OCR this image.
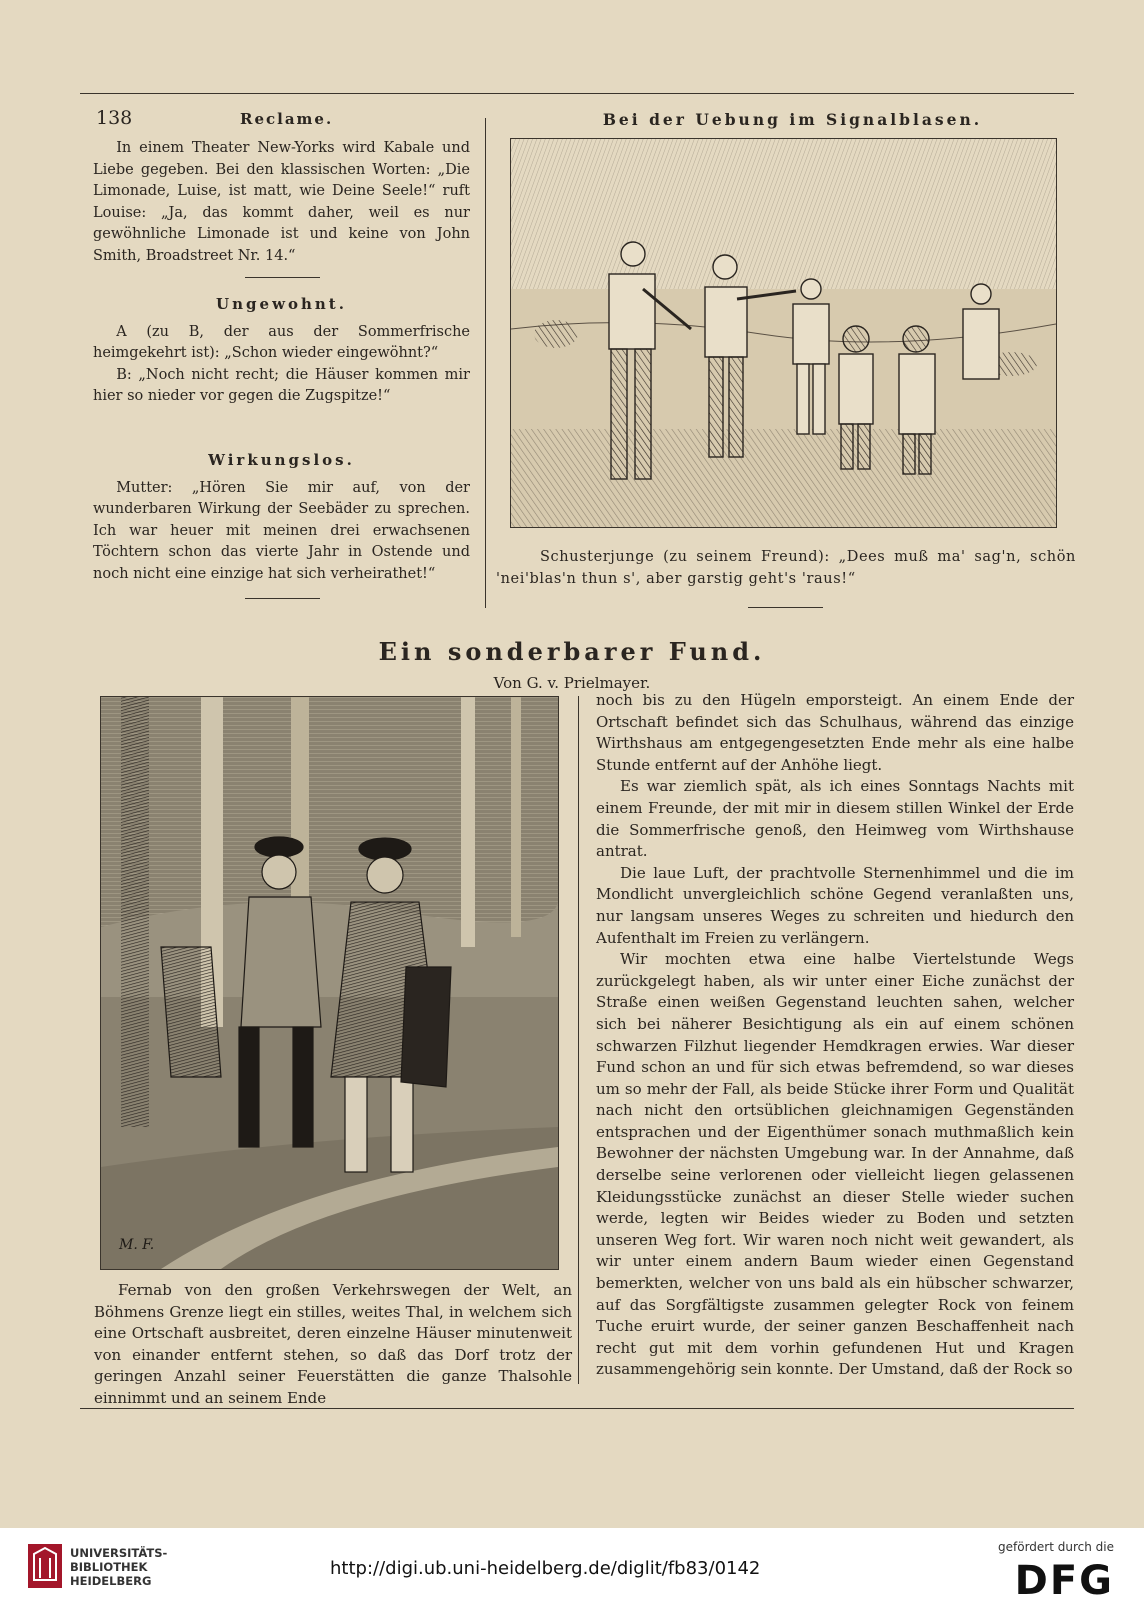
138	Reclame.	Bei der Uebung im Signalblasen.

In einem Theater New-Yorks wird Kabale und Liebe gegeben. Bei den klassischen Worten: „Die Limonade, Luise, ist matt, wie Deine Seele!“ ruft Louise: „Ja, das kommt daher, weil es nur gewöhnliche Limonade ist und keine von John Smith, Broadstreet Nr. 14.“

Ungewohnt.

A (zu B, der aus der Sommerfrische heimgekehrt ist): „Schon wieder eingewöhnt?“

B: „Noch nicht recht; die Häuser kommen mir hier so nieder vor gegen die Zugspitze!“

Wirkungslos.

Mutter: „Hören Sie mir auf, von der wunderbaren Wirkung der Seebäder zu sprechen. Ich war heuer mit meinen drei erwachsenen Töchtern schon das vierte Jahr in Ostende und noch nicht eine einzige hat sich verheirathet!“

Schusterjunge (zu seinem Freund): „Dees muß ma' sag'n, schön 'nei'blas'n thun s', aber garstig geht's 'raus!“
Ein sonderbarer Fund.
Von G. v. Prielmayer.
M. F.

Fernab von den großen Verkehrswegen der Welt, an Böhmens Grenze liegt ein stilles, weites Thal, in welchem sich eine Ortschaft ausbreitet, deren einzelne Häuser minutenweit von einander entfernt stehen, so daß das Dorf trotz der geringen Anzahl seiner Feuerstätten die ganze Thalsohle einnimmt und an seinem Ende

noch bis zu den Hügeln emporsteigt. An einem Ende der Ortschaft befindet sich das Schulhaus, während das einzige Wirthshaus am entgegengesetzten Ende mehr als eine halbe Stunde entfernt auf der Anhöhe liegt.

Es war ziemlich spät, als ich eines Sonntags Nachts mit einem Freunde, der mit mir in diesem stillen Winkel der Erde die Sommerfrische genoß, den Heimweg vom Wirthshause antrat.

Die laue Luft, der prachtvolle Sternenhimmel und die im Mondlicht unvergleichlich schöne Gegend veranlaßten uns, nur langsam unseres Weges zu schreiten und hiedurch den Aufenthalt im Freien zu verlängern.

Wir mochten etwa eine halbe Viertelstunde Wegs zurückgelegt haben, als wir unter einer Eiche zunächst der Straße einen weißen Gegenstand leuchten sahen, welcher sich bei näherer Besichtigung als ein auf einem schönen schwarzen Filzhut liegender Hemdkragen erwies. War dieser Fund schon an und für sich etwas befremdend, so war dieses um so mehr der Fall, als beide Stücke ihrer Form und Qualität nach nicht den ortsüblichen gleichnamigen Gegenständen entsprachen und der Eigenthümer sonach muthmaßlich kein Bewohner der nächsten Umgebung war. In der Annahme, daß derselbe seine verlorenen oder vielleicht liegen gelassenen Kleidungsstücke zunächst an dieser Stelle wieder suchen werde, legten wir Beides wieder zu Boden und setzten unseren Weg fort. Wir waren noch nicht weit gewandert, als wir unter einem andern Baum wieder einen Gegenstand bemerkten, welcher von uns bald als ein hübscher schwarzer, auf das Sorgfältigste zusammen gelegter Rock von feinem Tuche eruirt wurde, der seiner ganzen Beschaffenheit nach recht gut mit dem vorhin gefundenen Hut und Kragen zusammengehörig sein konnte. Der Umstand, daß der Rock so

UNIVERSITÄTS-
BIBLIOTHEK
HEIDELBERG
http://digi.ub.uni-heidelberg.de/diglit/fb83/0142
gefördert durch die
DFG
